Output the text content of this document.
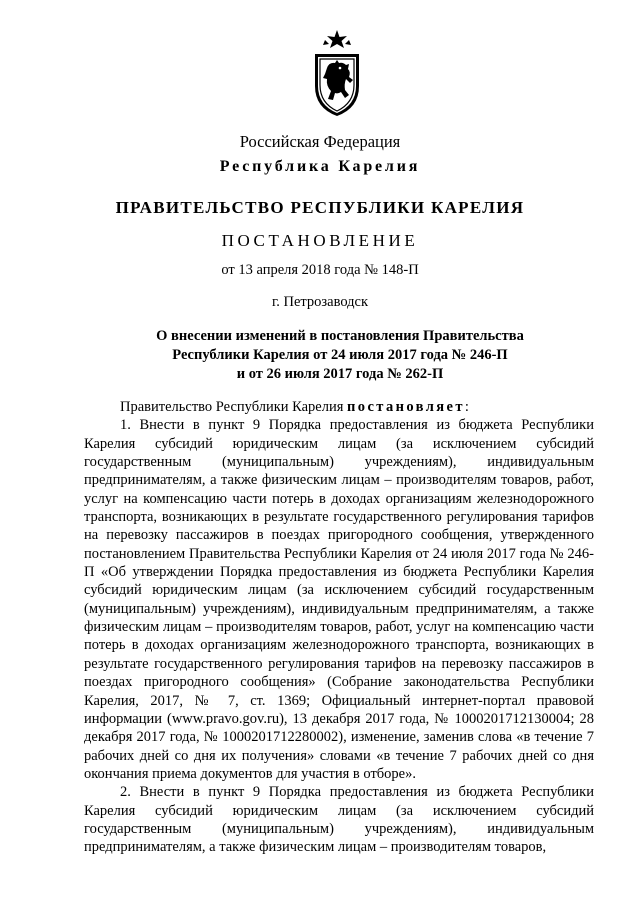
Российская Федерация
Республика Карелия
ПРАВИТЕЛЬСТВО РЕСПУБЛИКИ КАРЕЛИЯ
ПОСТАНОВЛЕНИЕ
от 13 апреля 2018 года № 148-П
г. Петрозаводск
О внесении изменений в постановления Правительства
Республики Карелия от 24 июля 2017 года № 246-П
и от 26 июля 2017 года № 262-П

Правительство Республики Карелия постановляет:

1. Внести в пункт 9 Порядка предоставления из бюджета Республики Карелия субсидий юридическим лицам (за исключением субсидий государственным (муниципальным) учреждениям), индивидуальным предпринимателям, а также физическим лицам – производителям товаров, работ, услуг на компенсацию части потерь в доходах организациям железнодорожного транспорта, возникающих в результате государственного регулирования тарифов на перевозку пассажиров в поездах пригородного сообщения, утвержденного постановлением Правительства Республики Карелия от 24 июля 2017 года № 246-П «Об утверждении Порядка предоставления из бюджета Республики Карелия субсидий юридическим лицам (за исключением субсидий государственным (муниципальным) учреждениям), индивидуальным предпринимателям, а также физическим лицам – производителям товаров, работ, услуг на компенсацию части потерь в доходах организациям железнодорожного транспорта, возникающих в результате государственного регулирования тарифов на перевозку пассажиров в поездах пригородного сообщения» (Собрание законодательства Республики Карелия, 2017, № 7, ст. 1369; Официальный интернет-портал правовой информации (www.pravo.gov.ru), 13 декабря 2017 года, № 1000201712130004; 28 декабря 2017 года, № 1000201712280002), изменение, заменив слова «в течение 7 рабочих дней со дня их получения» словами «в течение 7 рабочих дней со дня окончания приема документов для участия в отборе».

2. Внести в пункт 9 Порядка предоставления из бюджета Республики Карелия субсидий юридическим лицам (за исключением субсидий государственным (муниципальным) учреждениям), индивидуальным предпринимателям, а также физическим лицам – производителям товаров,
